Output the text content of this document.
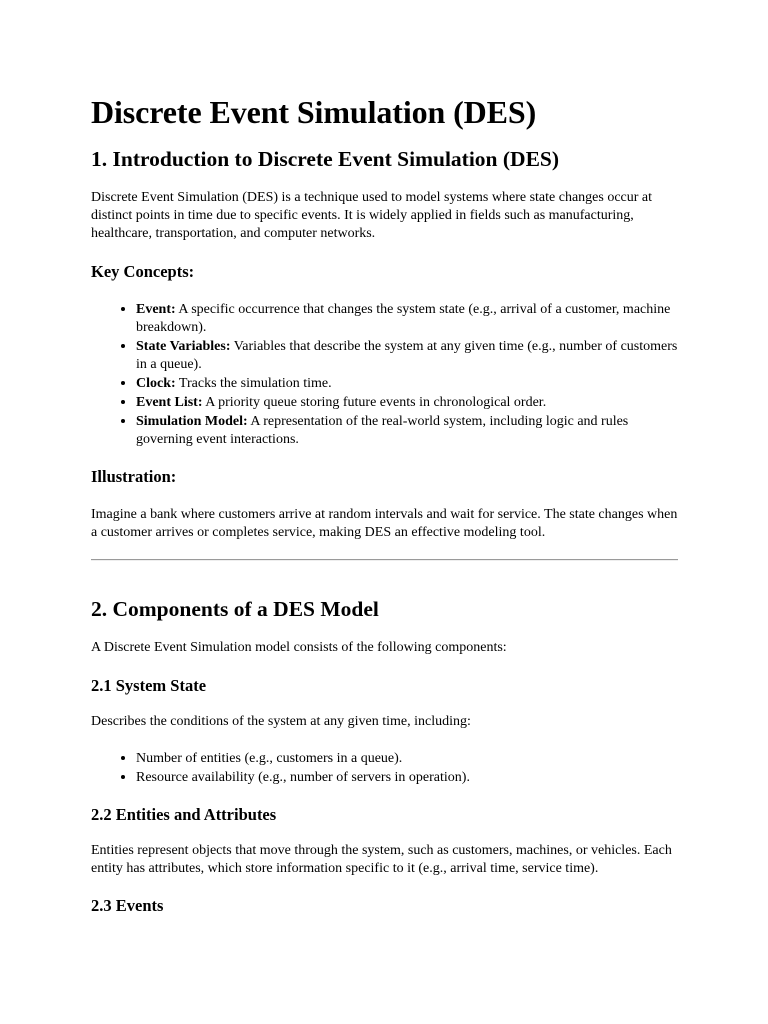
Discrete Event Simulation (DES)
1. Introduction to Discrete Event Simulation (DES)

Discrete Event Simulation (DES) is a technique used to model systems where state changes occur at distinct points in time due to specific events. It is widely applied in fields such as manufacturing, healthcare, transportation, and computer networks.

Key Concepts:
• Event: A specific occurrence that changes the system state (e.g., arrival of a customer, machine breakdown).
• State Variables: Variables that describe the system at any given time (e.g., number of customers in a queue).
• Clock: Tracks the simulation time.
• Event List: A priority queue storing future events in chronological order.
• Simulation Model: A representation of the real-world system, including logic and rules governing event interactions.
Illustration:

Imagine a bank where customers arrive at random intervals and wait for service. The state changes when a customer arrives or completes service, making DES an effective modeling tool.

2. Components of a DES Model

A Discrete Event Simulation model consists of the following components:

2.1 System State

Describes the conditions of the system at any given time, including:

• Number of entities (e.g., customers in a queue).
• Resource availability (e.g., number of servers in operation).
2.2 Entities and Attributes

Entities represent objects that move through the system, such as customers, machines, or vehicles. Each entity has attributes, which store information specific to it (e.g., arrival time, service time).

2.3 Events
